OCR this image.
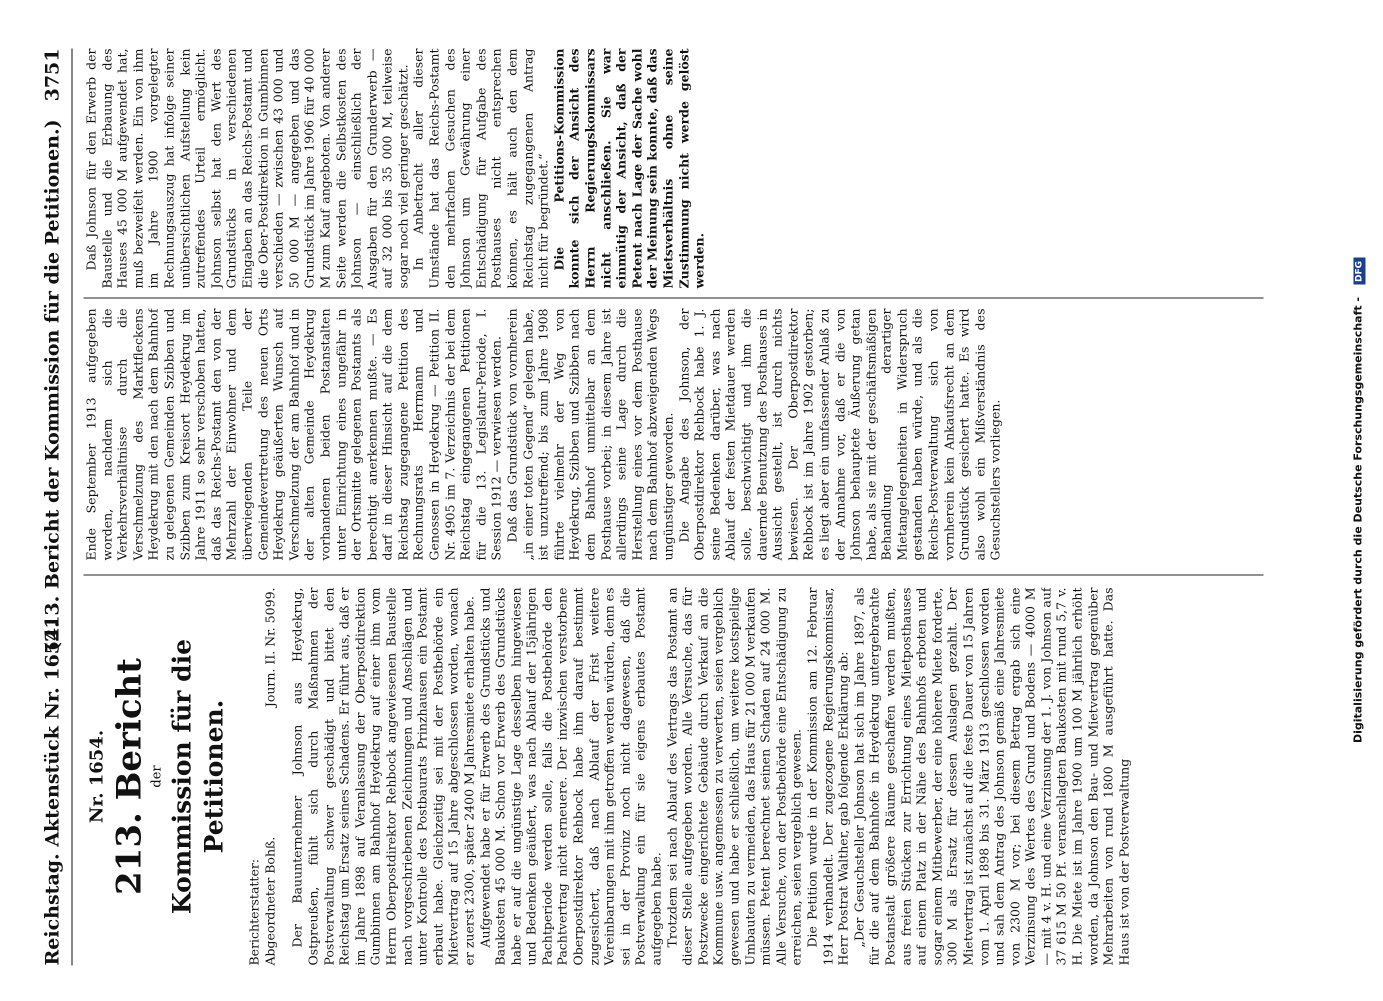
Reichstag. Aktenstück Nr. 1654.
(213. Bericht der Kommission für die Petitionen.)3751
Nr. 1654. 213. Bericht der Kommission für die Petitionen.
Berichterstatter: Abgeordneter Bohß.
Journ. II. Nr. 5099. Der Bauunternehmer Johnson aus Heydekrug, Ostpreußen, fühlt sich durch Maßnahmen der Postverwaltung schwer geschädigt und bittet den Reichstag um Ersatz seines Schadens. Er führt aus, daß er im Jahre 1898 auf Veranlassung der Oberpostdirektion Gumbinnen am Bahnhof Heydekrug auf einer ihm vom Herrn Oberpostdirektor Rehbock angewiesenen Baustelle nach vorgeschriebenen Zeichnungen und Anschlägen und unter Kontrolle des Postbaurats Prinzhausen ein Postamt erbaut habe. Gleichzeitig sei mit der Postbehörde ein Mietvertrag auf 15 Jahre abgeschlossen worden, wonach er zuerst 2300, später 2400 M Jahresmiete erhalten habe. Aufgewendet habe er für Erwerb des Grundstücks und Baukosten 45 000 M. Schon vor Erwerb des Grundstücks habe er auf die ungünstige Lage desselben hingewiesen und Bedenken geäußert, was nach Ablauf der 15jährigen Pachtperiode werden solle, falls die Postbehörde den Pachtvertrag nicht erneuere. Der inzwischen verstorbene Oberpostdirektor Rehbock habe ihm darauf bestimmt zugesichert, daß nach Ablauf der Frist weitere Vereinbarungen mit ihm getroffen werden würden, denn es sei in der Provinz noch nicht dagewesen, daß die Postverwaltung ein für sie eigens erbautes Postamt aufgegeben habe. Trotzdem sei nach Ablauf des Vertrags das Postamt an dieser Stelle aufgegeben worden. Alle Versuche, das für Postzwecke eingerichtete Gebäude durch Verkauf an die Kommune usw. angemessen zu verwerten, seien vergeblich gewesen und habe er schließlich, um weitere kostspielige Umbauten zu vermeiden, das Haus für 21 000 M verkaufen müssen. Petent berechnet seinen Schaden auf 24 000 M. Alle Versuche, von der Postbehörde eine Entschädigung zu erreichen, seien vergeblich gewesen. Die Petition wurde in der Kommission am 12. Februar 1914 verhandelt. Der zugezogene Regierungskommissar, Herr Postrat Walther, gab folgende Erklärung ab: „Der Gesuchsteller Johnson hat sich im Jahre 1897, als für die auf dem Bahnhofe in Heydekrug untergebrachte Postanstalt größere Räume geschaffen werden mußten, aus freien Stücken zur Errichtung eines Mietposthauses auf einem Platz in der Nähe des Bahnhofs erboten und sogar einem Mitbewerber, der eine höhere Miete forderte, 300 M als Ersatz für dessen Auslagen gezahlt. Der Mietvertrag ist zunächst auf die feste Dauer von 15 Jahren vom 1. April 1898 bis 31. März 1913 geschlossen worden und sah dem Antrag des Johnson gemäß eine Jahresmiete von 2300 M vor; bei diesem Betrag ergab sich eine Verzinsung des Wertes des Grund und Bodens — 4000 M — mit 4 v. H. und eine Verzinsung der 1. J. von Johnson auf 37 615 M 50 Pf. veranschlagten Baukosten mit rund 5,7 v. H. Die Miete ist im Jahre 1900 um 100 M jährlich erhöht worden, da Johnson den Bau- und Mietvertrag gegenüber Mehrarbeiten von rund 1800 M ausgeführt hatte. Das Haus ist von der Postverwaltung

Ende September 1913 aufgegeben worden, nachdem sich die Verkehrsverhältnisse durch die Verschmelzung des Marktfleckens Heydekrug mit den nach dem Bahnhof zu gelegenen Gemeinden Szibben und Szibben zum Kreisort Heydekrug im Jahre 1911 so sehr verschoben hatten, daß das Reichs-Postamt den von der Mehrzahl der Einwohner und dem überwiegenden Teile der Gemeindevertretung des neuen Orts Heydekrug geäußerten Wunsch auf Verschmelzung der am Bahnhof und in der alten Gemeinde Heydekrug vorhandenen beiden Postanstalten unter Einrichtung eines ungefähr in der Ortsmitte gelegenen Postamts als berechtigt anerkennen mußte. — Es darf in dieser Hinsicht auf die dem Reichstag zugegangene Petition des Rechnungsrats Herrmann und Genossen in Heydekrug — Petition II. Nr. 4905 im 7. Verzeichnis der bei dem Reichstag eingegangenen Petitionen für die 13. Legislatur-Periode, I. Session 1912 — verwiesen werden. Daß das Grundstück von vornherein „in einer toten Gegend“ gelegen habe, ist unzutreffend; bis zum Jahre 1908 führte vielmehr der Weg von Heydekrug, Szibben und Szibben nach dem Bahnhof unmittelbar an dem Posthause vorbei; in diesem Jahre ist allerdings seine Lage durch die Herstellung eines vor dem Posthause nach dem Bahnhof abzweigenden Wegs ungünstiger geworden. Die Angabe des Johnson, der Oberpostdirektor Rehbock habe 1. J. seine Bedenken darüber, was nach Ablauf der festen Mietdauer werden solle, beschwichtigt und ihm die dauernde Benutzung des Posthauses in Aussicht gestellt, ist durch nichts bewiesen. Der Oberpostdirektor Rehbock ist im Jahre 1902 gestorben; es liegt aber ein umfassender Anlaß zu der Annahme vor, daß er die von Johnson behauptete Äußerung getan habe, als sie mit der geschäftsmäßigen Behandlung derartiger Mietangelegenheiten in Widerspruch gestanden haben würde, und als die Reichs-Postverwaltung sich von vornherein kein Ankaufsrecht an dem Grundstück gesichert hatte. Es wird also wohl ein Mißverständnis des Gesuchstellers vorliegen.

Daß Johnson für den Erwerb der Baustelle und die Erbauung des Hauses 45 000 M aufgewendet hat, muß bezweifelt werden. Ein von ihm im Jahre 1900 vorgelegter Rechnungsauszug hat infolge seiner unübersichtlichen Aufstellung kein zutreffendes Urteil ermöglicht. Johnson selbst hat den Wert des Grundstücks in verschiedenen Eingaben an das Reichs-Postamt und die Ober-Postdirektion in Gumbinnen verschieden — zwischen 43 000 und 50 000 M — angegeben und das Grundstück im Jahre 1906 für 40 000 M zum Kauf angeboten. Von anderer Seite werden die Selbstkosten des Johnson — einschließlich der Ausgaben für den Grunderwerb — auf 32 000 bis 35 000 M, teilweise sogar noch viel geringer geschätzt. In Anbetracht aller dieser Umstände hat das Reichs-Postamt den mehrfachen Gesuchen des Johnson um Gewährung einer Entschädigung für Aufgabe des Posthauses nicht entsprechen können, es hält auch den dem Reichstag zugegangenen Antrag nicht für begründet.“ Die Petitions-Kommission konnte sich der Ansicht des Herrn Regierungskommissars nicht anschließen. Sie war einmütig der Ansicht, daß der Petent nach Lage der Sache wohl der Meinung sein konnte, daß das Mietsverhältnis ohne seine Zustimmung nicht werde gelöst werden.

Digitalisierung gefördert durch die Deutsche Forschungsgemeinschaft -DFG
